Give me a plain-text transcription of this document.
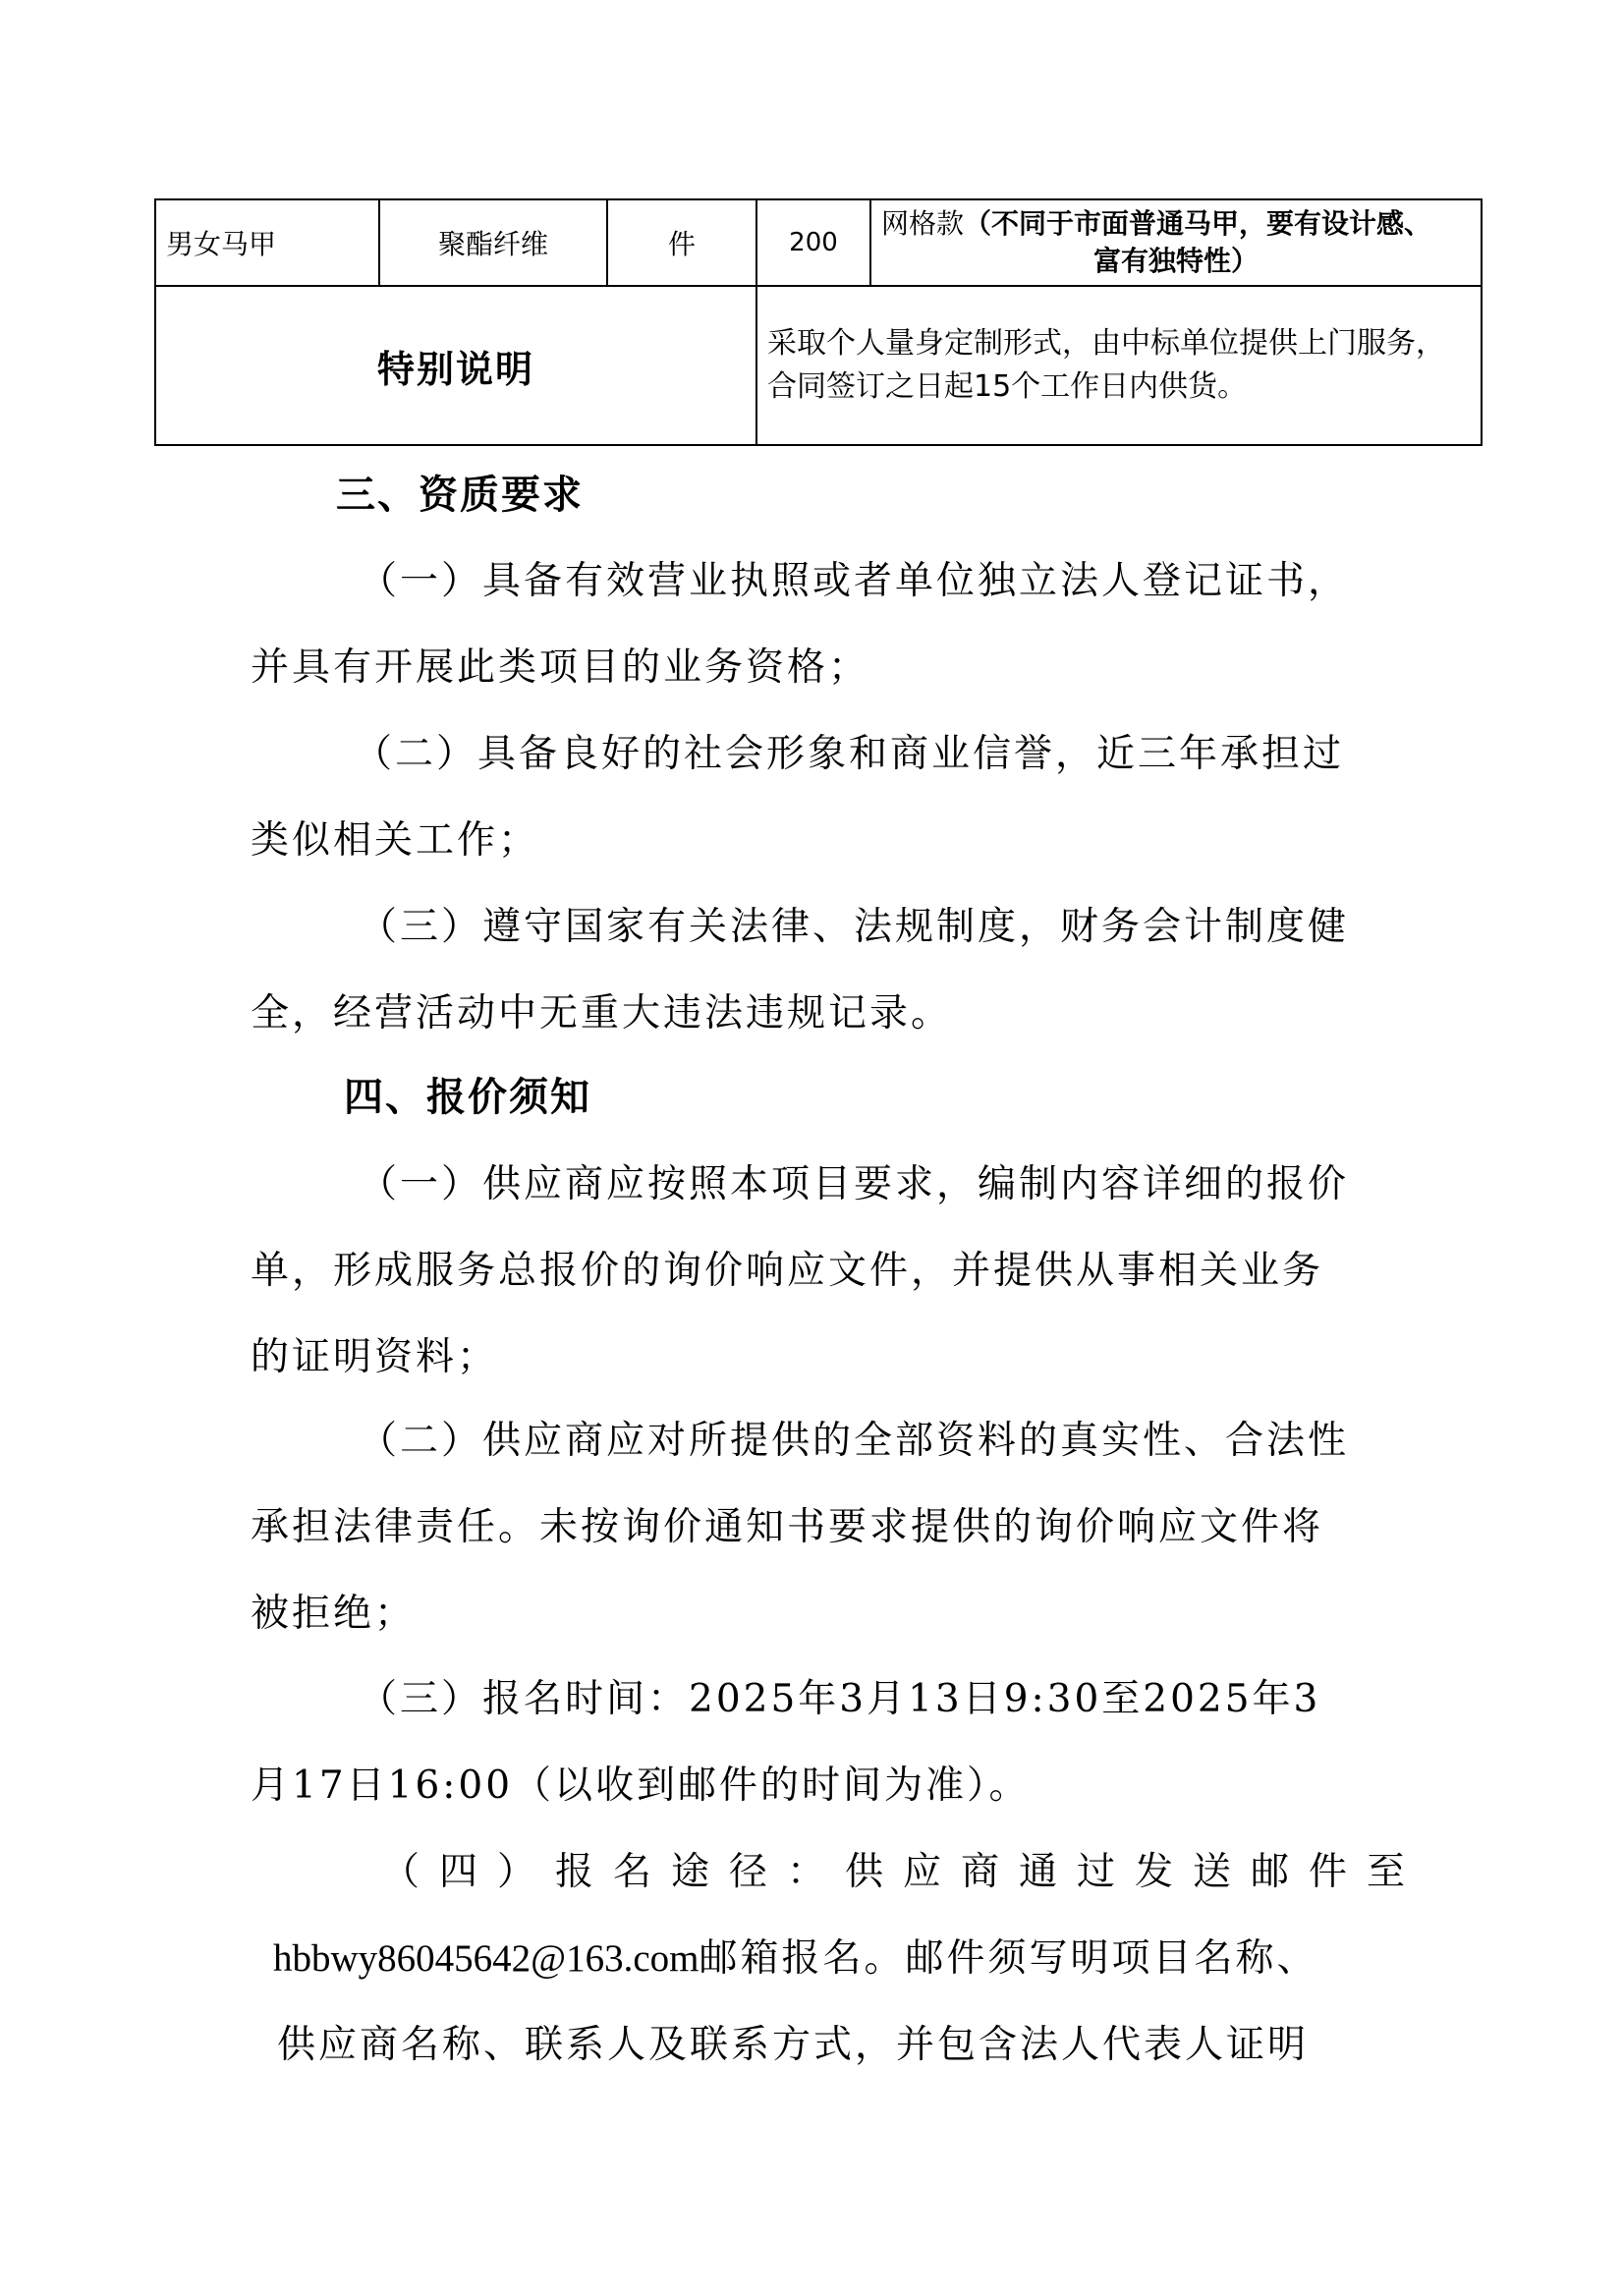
男女马甲	聚酯纤维	件	200	网格款（不同于市面普通马甲，要有设计感、
富有独特性）

特别说明			采取个人量身定制形式，由中标单位提供上门服务，合同签订之日起15个工作日内供货。	
三、资质要求
（一）具备有效营业执照或者单位独立法人登记证书，
并具有开展此类项目的业务资格；
（二）具备良好的社会形象和商业信誉，近三年承担过
类似相关工作；
（三）遵守国家有关法律、法规制度，财务会计制度健
全，经营活动中无重大违法违规记录。
四、报价须知
（一）供应商应按照本项目要求，编制内容详细的报价
单，形成服务总报价的询价响应文件，并提供从事相关业务
的证明资料；
（二）供应商应对所提供的全部资料的真实性、合法性
承担法律责任。未按询价通知书要求提供的询价响应文件将
被拒绝；
（三）报名时间：2025年3月13日9:30至2025年3
月17日16:00（以收到邮件的时间为准）。
（四）报名途径：供应商通过发送邮件至
hbbwy86045642@163.com邮箱报名。邮件须写明项目名称、
供应商名称、联系人及联系方式，并包含法人代表人证明
